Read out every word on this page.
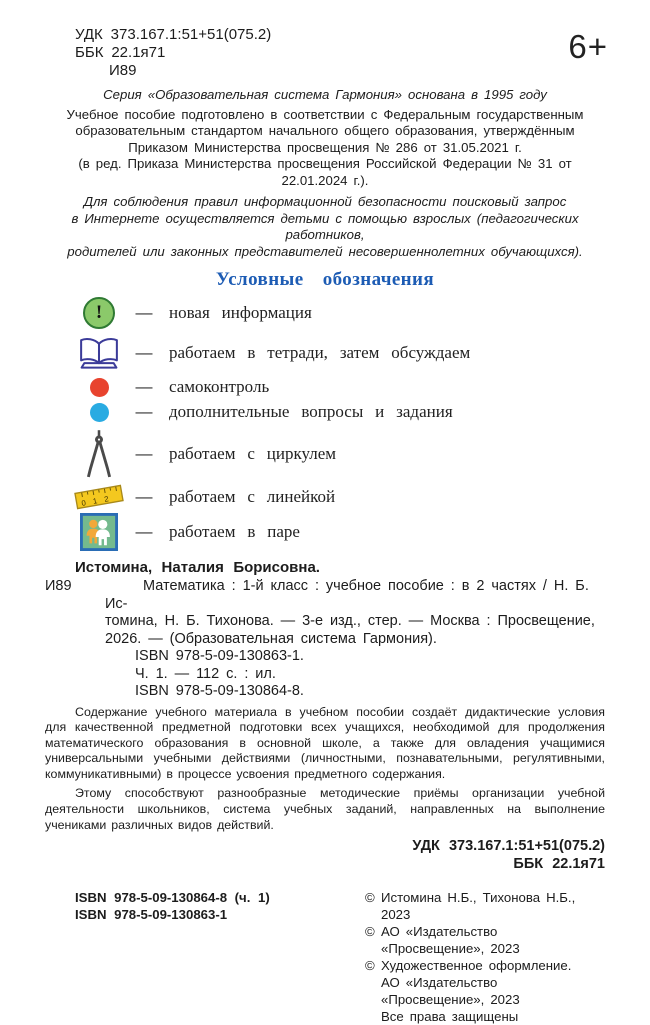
УДК 373.167.1:51+51(075.2)
ББК 22.1я71
И89
6+
Серия «Образовательная система Гармония» основана в 1995 году
Учебное пособие подготовлено в соответствии с Федеральным государственным
образовательным стандартом начального общего образования, утверждённым
Приказом Министерства просвещения № 286 от 31.05.2021 г.
(в ред. Приказа Министерства просвещения Российской Федерации № 31 от 22.01.2024 г.).
Для соблюдения правил информационной безопасности поисковый запрос
в Интернете осуществляется детьми с помощью взрослых (педагогических работников,
родителей или законных представителей несовершеннолетних обучающихся).
Условные обозначения
!	— новая информация
— работаем в тетради, затем обсуждаем
— самоконтроль
— дополнительные вопросы и задания
— работаем с циркулем
0 1 2	— работаем с линейкой
— работаем в паре
Истомина, Наталия Борисовна.
И89	Математика : 1-й класс : учебное пособие : в 2 частях / Н. Б. Ис-
томина, Н. Б. Тихонова. — 3-е изд., стер. — Москва : Просвещение,
2026. — (Образовательная система Гармония).
ISBN 978-5-09-130863-1.
Ч. 1. — 112 с. : ил.
ISBN 978-5-09-130864-8.

Содержание учебного материала в учебном пособии создаёт дидактические условия для качественной предметной подготовки всех учащихся, необходимой для продолжения математического образования в основной школе, а также для овладения учащимися универсальными учебными действиями (личностными, познавательными, регулятивными, коммуникативными) в процессе усвоения предметного содержания.

Этому способствуют разнообразные методические приёмы организации учебной деятельности школьников, система учебных заданий, направленных на выполнение учениками различных видов действий.

УДК 373.167.1:51+51(075.2)
ББК 22.1я71
ISBN 978-5-09-130864-8 (ч. 1)
ISBN 978-5-09-130863-1
© Истомина Н.Б., Тихонова Н.Б., 2023
© АО «Издательство «Просвещение», 2023
© Художественное оформление.
АО «Издательство «Просвещение», 2023
Все права защищены
